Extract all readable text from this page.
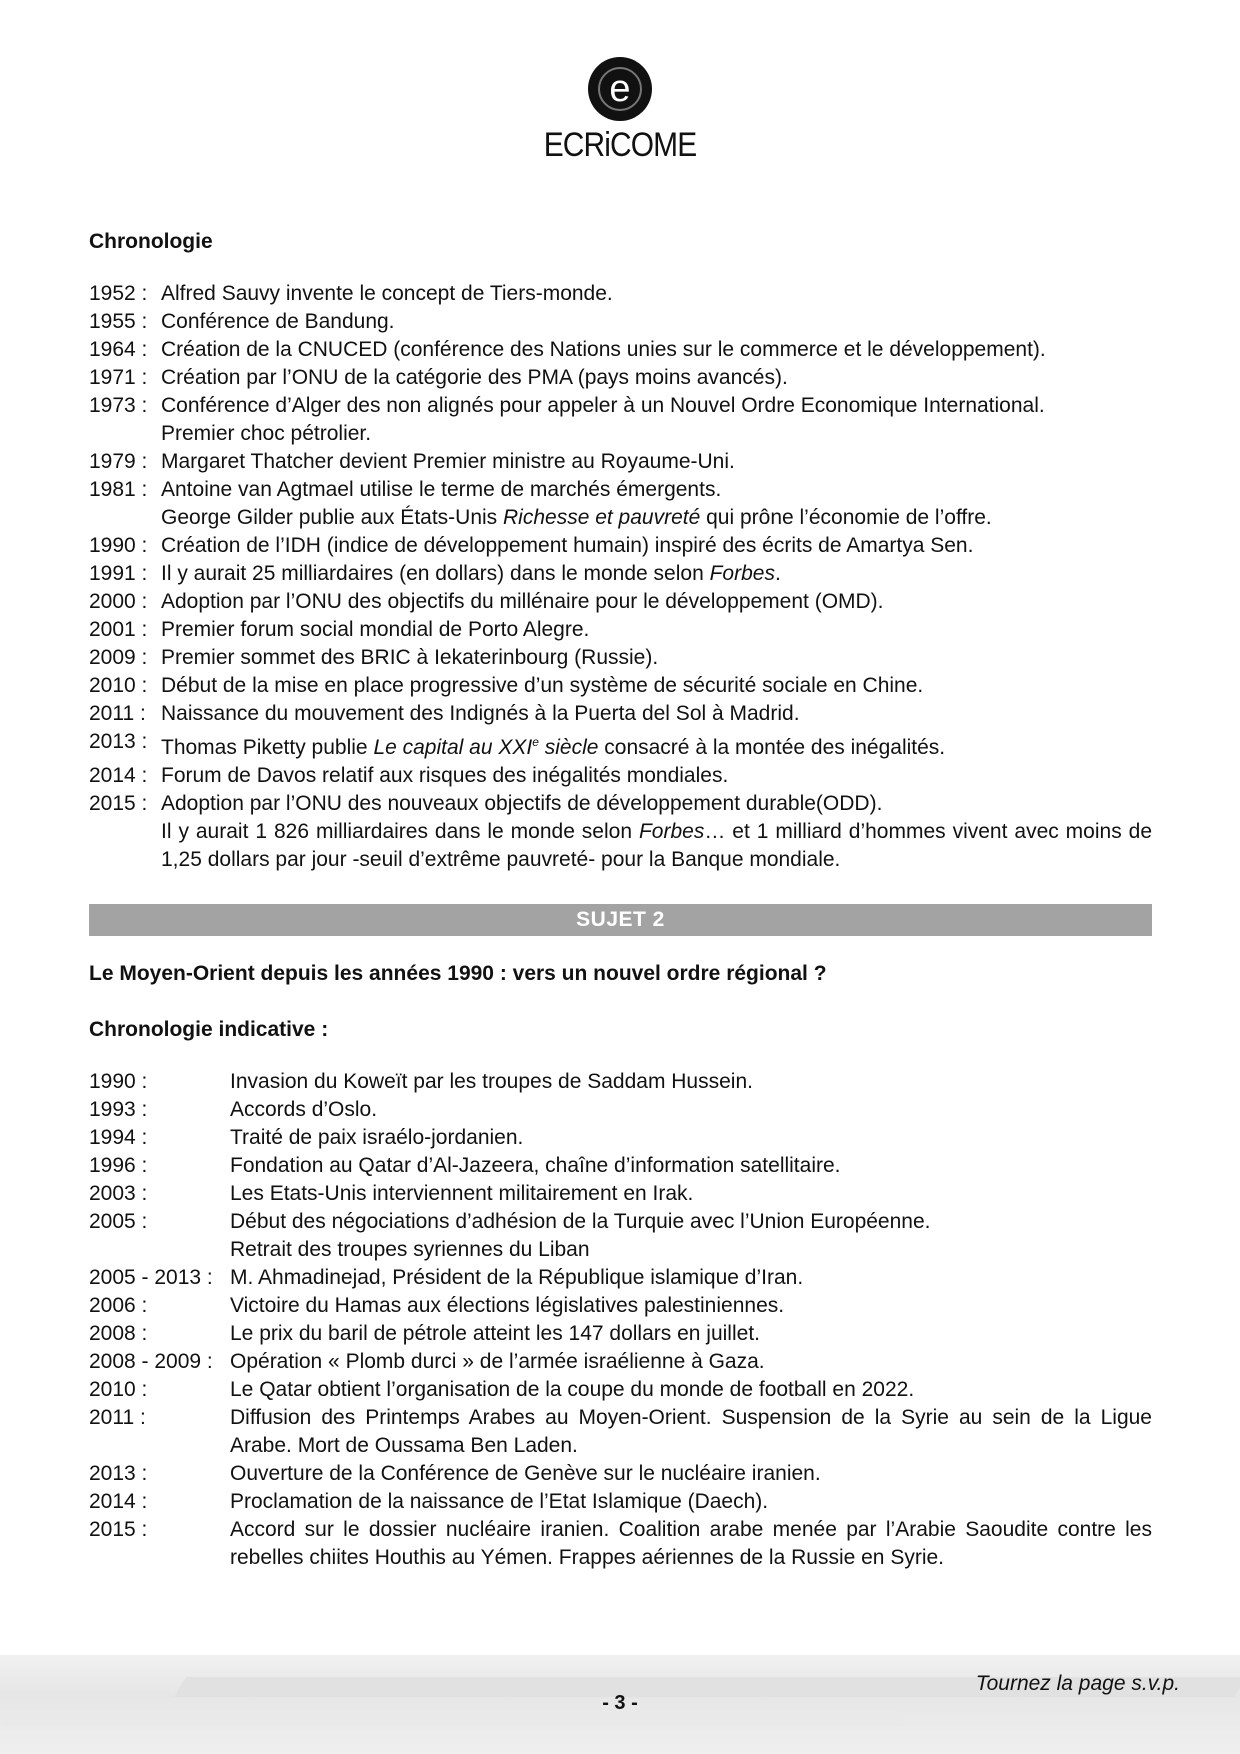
e
ECRiCOME
Chronologie
1952 : Alfred Sauvy invente le concept de Tiers-monde.
1955 : Conférence de Bandung.
1964 : Création de la CNUCED (conférence des Nations unies sur le commerce et le développement).
1971 : Création par l’ONU de la catégorie des PMA (pays moins avancés).
1973 : Conférence d’Alger des non alignés pour appeler à un Nouvel Ordre Economique International.
Premier choc pétrolier.
1979 : Margaret Thatcher devient Premier ministre au Royaume-Uni.
1981 : Antoine van Agtmael utilise le terme de marchés émergents.
George Gilder publie aux États-Unis Richesse et pauvreté qui prône l’économie de l’offre.
1990 : Création de l’IDH (indice de développement humain) inspiré des écrits de Amartya Sen.
1991 : Il y aurait 25 milliardaires (en dollars) dans le monde selon Forbes.
2000 : Adoption par l’ONU des objectifs du millénaire pour le développement (OMD).
2001 : Premier forum social mondial de Porto Alegre.
2009 : Premier sommet des BRIC à Iekaterinbourg (Russie).
2010 : Début de la mise en place progressive d’un système de sécurité sociale en Chine.
2011 : Naissance du mouvement des Indignés à la Puerta del Sol à Madrid.
2013 : Thomas Piketty publie Le capital au XXIe siècle consacré à la montée des inégalités.
2014 : Forum de Davos relatif aux risques des inégalités mondiales.
2015 : Adoption par l’ONU des nouveaux objectifs de développement durable(ODD).
Il y aurait 1 826 milliardaires dans le monde selon Forbes… et 1 milliard d’hommes vivent avec moins de 1,25 dollars par jour -seuil d’extrême pauvreté- pour la Banque mondiale.
SUJET 2
Le Moyen-Orient depuis les années 1990 : vers un nouvel ordre régional ?
Chronologie indicative :
1990 :	Invasion du Koweït par les troupes de Saddam Hussein.
1993 :	Accords d’Oslo.
1994 :	Traité de paix israélo-jordanien.
1996 :	Fondation au Qatar d’Al-Jazeera, chaîne d’information satellitaire.
2003 :	Les Etats-Unis interviennent militairement en Irak.
2005 :	Début des négociations d’adhésion de la Turquie avec l’Union Européenne.
Retrait des troupes syriennes du Liban
2005 - 2013 : M. Ahmadinejad, Président de la République islamique d’Iran.
2006 :	Victoire du Hamas aux élections législatives palestiniennes.
2008 :	Le prix du baril de pétrole atteint les 147 dollars en juillet.
2008 - 2009 : Opération « Plomb durci » de l’armée israélienne à Gaza.
2010 :	Le Qatar obtient l’organisation de la coupe du monde de football en 2022.
2011 :	Diffusion des Printemps Arabes au Moyen-Orient. Suspension de la Syrie au sein de la Ligue Arabe. Mort de Oussama Ben Laden.
2013 :	Ouverture de la Conférence de Genève sur le nucléaire iranien.
2014 :	Proclamation de la naissance de l’Etat Islamique (Daech).
2015 :	Accord sur le dossier nucléaire iranien. Coalition arabe menée par l’Arabie Saoudite contre les rebelles chiites Houthis au Yémen. Frappes aériennes de la Russie en Syrie.
Tournez la page s.v.p.
- 3 -
